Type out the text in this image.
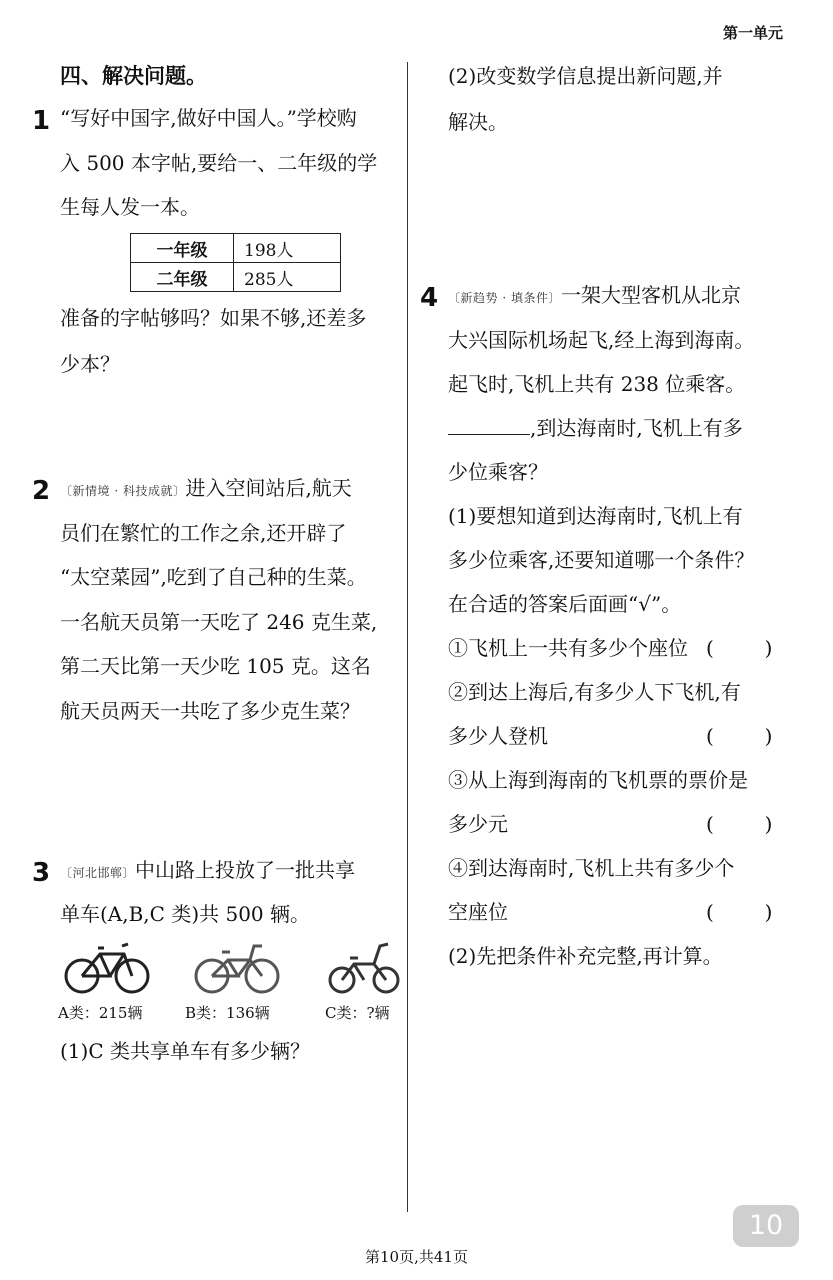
第一单元
四、解决问题。
1 “写好中国字,做好中国人。”学校购
入 500 本字帖,要给一、二年级的学
生每人发一本。
一年级	198人
二年级	285人
准备的字帖够吗？如果不够,还差多
少本？
2 〔新情境 · 科技成就〕进入空间站后,航天
员们在繁忙的工作之余,还开辟了
“太空菜园”,吃到了自己种的生菜。
一名航天员第一天吃了 246 克生菜,
第二天比第一天少吃 105 克。这名
航天员两天一共吃了多少克生菜？
3 〔河北邯郸〕中山路上投放了一批共享
单车(A,B,C 类)共 500 辆。
A类：215辆	B类：136辆	C类：?辆
(1)C 类共享单车有多少辆？
(2)改变数学信息提出新问题,并
解决。
4 〔新趋势 · 填条件〕一架大型客机从北京
大兴国际机场起飞,经上海到海南。
起飞时,飞机上共有 238 位乘客。
,到达海南时,飞机上有多
少位乘客？
(1)要想知道到达海南时,飞机上有
多少位乘客,还要知道哪一个条件？
在合适的答案后面画“√”。
①飞机上一共有多少个座位 (        )
②到达上海后,有多少人下飞机,有
多少人登机	(        )
③从上海到海南的飞机票的票价是
多少元	(        )
④到达海南时,飞机上共有多少个
空座位	(        )
(2)先把条件补充完整,再计算。
10
第10页,共41页
